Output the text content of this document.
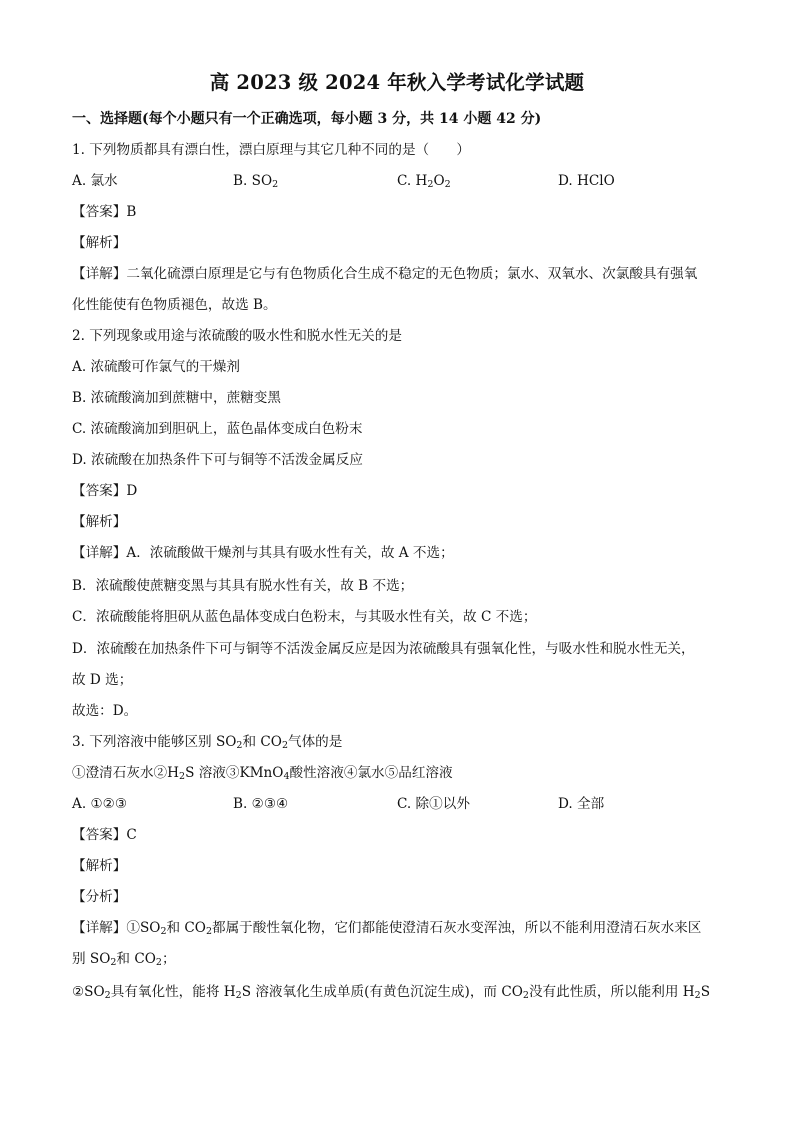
高 2023 级 2024 年秋入学考试化学试题
一、选择题(每个小题只有一个正确选项，每小题 3 分，共 14 小题 42 分)
1. 下列物质都具有漂白性，漂白原理与其它几种不同的是（　　）
A. 氯水	B. $SO_2$	C. $H_2O_2$	D. HClO
【答案】B
【解析】
【详解】二氧化硫漂白原理是它与有色物质化合生成不稳定的无色物质；氯水、双氧水、次氯酸具有强氧
化性能使有色物质褪色，故选 B。
2. 下列现象或用途与浓硫酸的吸水性和脱水性无关的是
A. 浓硫酸可作氯气的干燥剂
B. 浓硫酸滴加到蔗糖中，蔗糖变黑
C. 浓硫酸滴加到胆矾上，蓝色晶体变成白色粉末
D. 浓硫酸在加热条件下可与铜等不活泼金属反应
【答案】D
【解析】
【详解】A．浓硫酸做干燥剂与其具有吸水性有关，故 A 不选；
B．浓硫酸使蔗糖变黑与其具有脱水性有关，故 B 不选；
C．浓硫酸能将胆矾从蓝色晶体变成白色粉末，与其吸水性有关，故 C 不选；
D．浓硫酸在加热条件下可与铜等不活泼金属反应是因为浓硫酸具有强氧化性，与吸水性和脱水性无关，
故 D 选；
故选：D。
3. 下列溶液中能够区别 $SO_2$和 $CO_2$气体的是
①澄清石灰水$②H_2S$ 溶液③KMnO$_4$酸性溶液④氯水⑤品红溶液
A. ①②③	B. ②③④	C. 除①以外	D. 全部
【答案】C
【解析】
【分析】
【详解】$①SO_2$和 $CO_2$都属于酸性氧化物，它们都能使澄清石灰水变浑浊，所以不能利用澄清石灰水来区
别 $SO_2$和 $CO_2$；
$②SO_2$具有氧化性，能将 $H_2S$ 溶液氧化生成单质(有黄色沉淀生成)，而 $CO_2$没有此性质，所以能利用 $H_2S$
